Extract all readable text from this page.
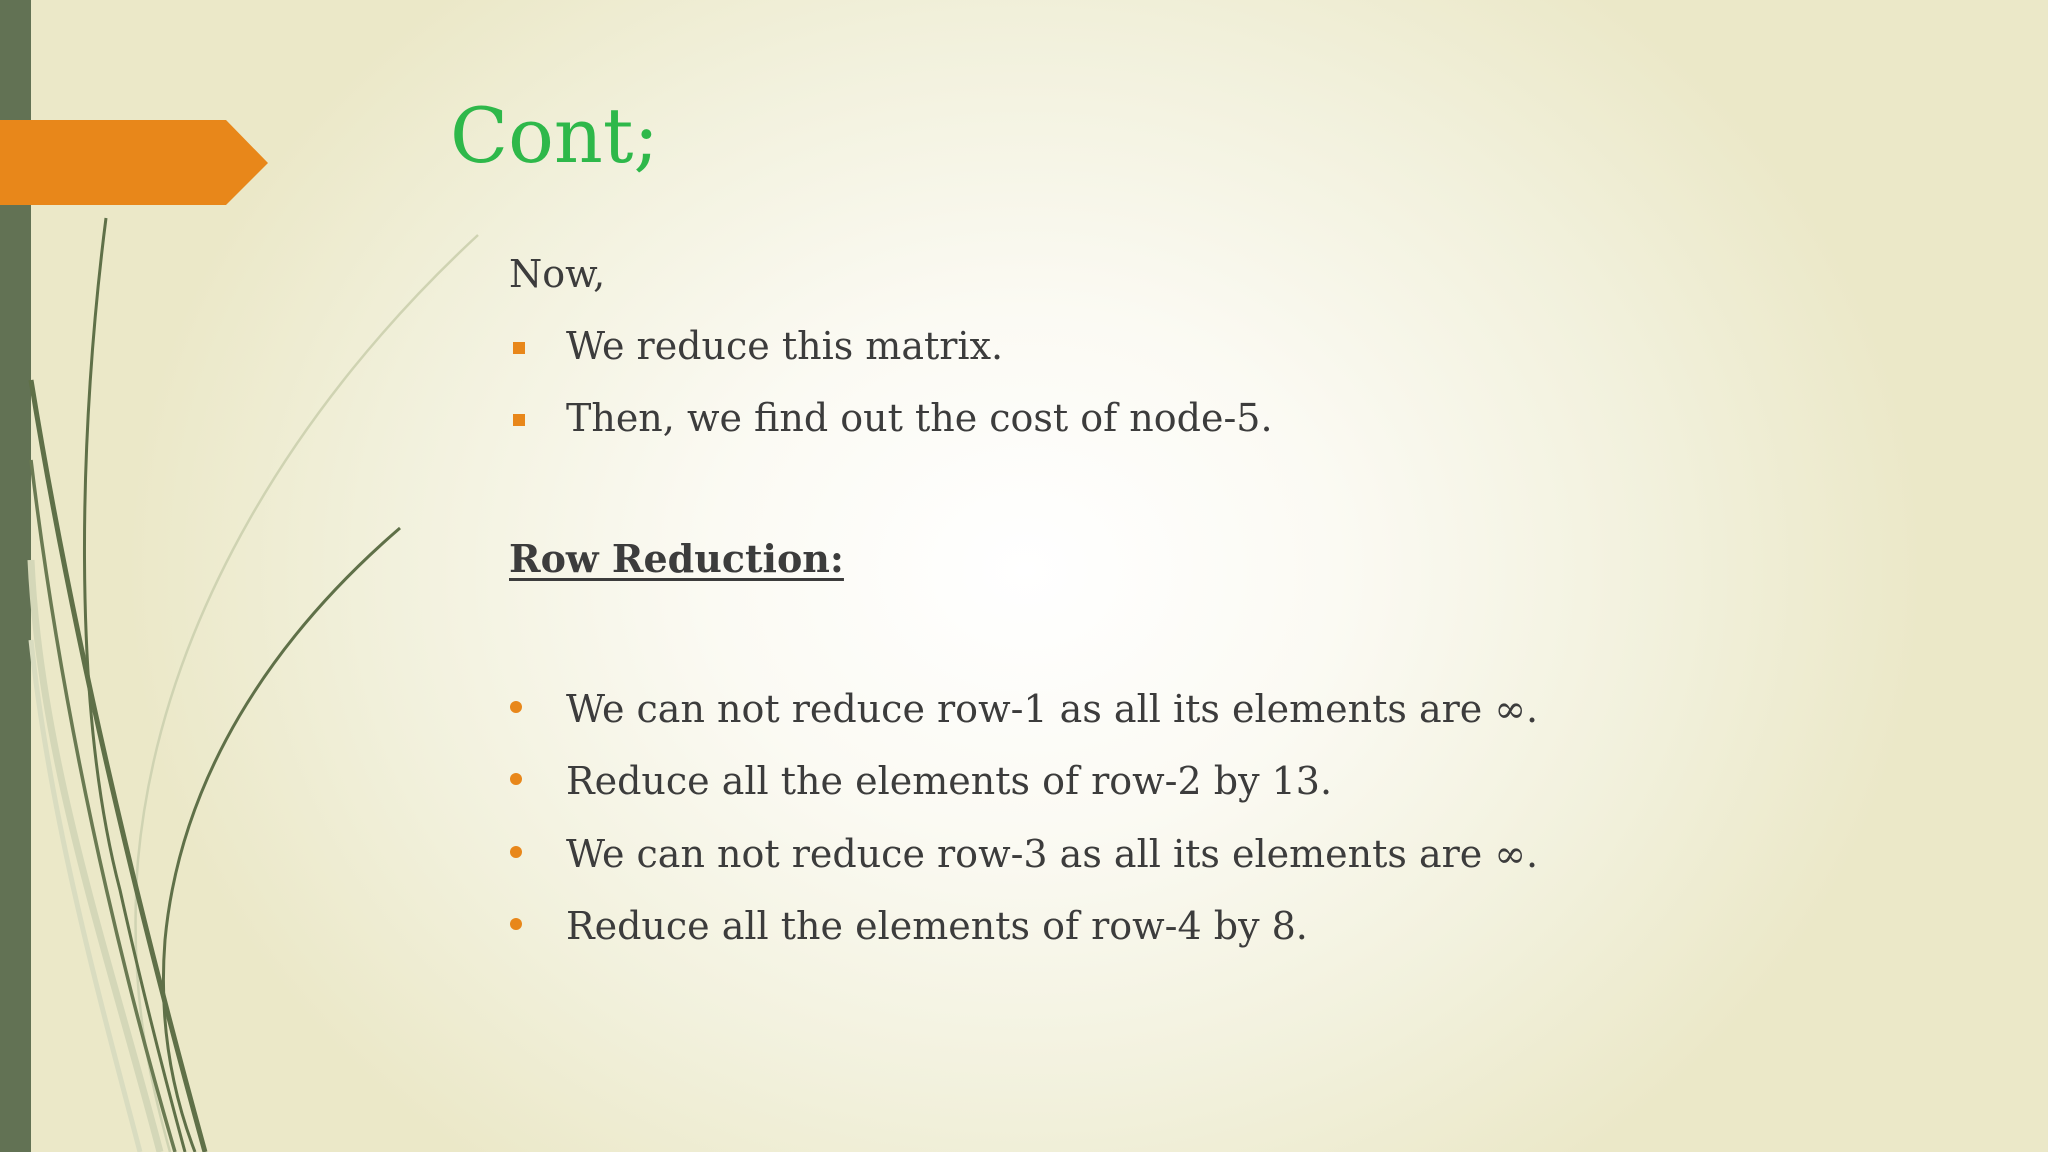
Cont;
Now,
We reduce this matrix.
Then, we find out the cost of node-5.
Row Reduction:
We can not reduce row-1 as all its elements are ∞.
Reduce all the elements of row-2 by 13.
We can not reduce row-3 as all its elements are ∞.
Reduce all the elements of row-4 by 8.
